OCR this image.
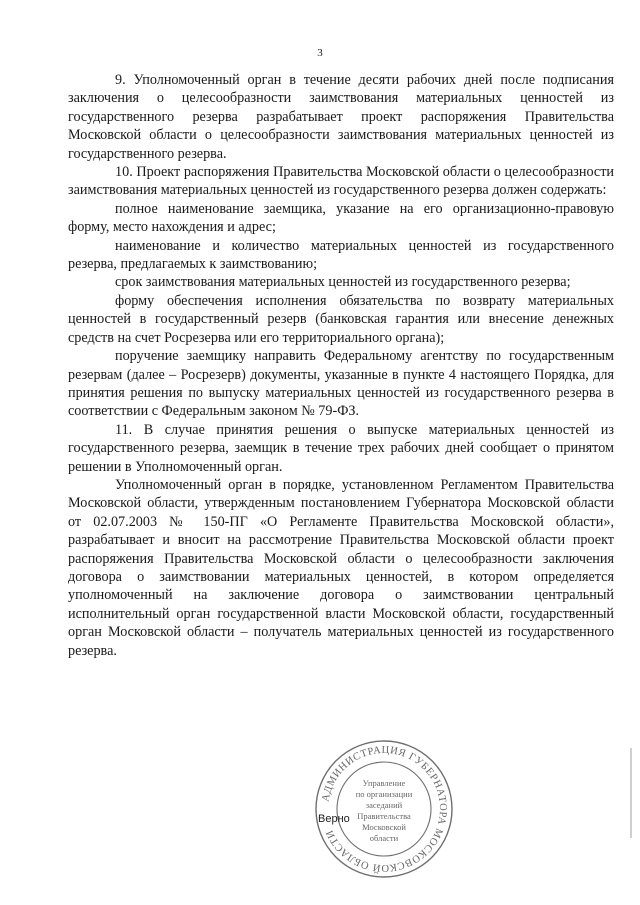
3

9. Уполномоченный орган в течение десяти рабочих дней после подписания заключения о целесообразности заимствования материальных ценностей из государственного резерва разрабатывает проект распоряжения Правительства Московской области о целесообразности заимствования материальных ценностей из государственного резерва.

10. Проект распоряжения Правительства Московской области о целесообразности заимствования материальных ценностей из государственного резерва должен содержать:

полное наименование заемщика, указание на его организационно-правовую форму, место нахождения и адрес;

наименование и количество материальных ценностей из государственного резерва, предлагаемых к заимствованию;

срок заимствования материальных ценностей из государственного резерва;

форму обеспечения исполнения обязательства по возврату материальных ценностей в государственный резерв (банковская гарантия или внесение денежных средств на счет Росрезерва или его территориального органа);

поручение заемщику направить Федеральному агентству по государственным резервам (далее – Росрезерв) документы, указанные в пункте 4 настоящего Порядка, для принятия решения по выпуску материальных ценностей из государственного резерва в соответствии с Федеральным законом № 79-ФЗ.

11. В случае принятия решения о выпуске материальных ценностей из государственного резерва, заемщик в течение трех рабочих дней сообщает о принятом решении в Уполномоченный орган.

Уполномоченный орган в порядке, установленном Регламентом Правительства Московской области, утвержденным постановлением Губернатора Московской области от 02.07.2003 № 150-ПГ «О Регламенте Правительства Московской области», разрабатывает и вносит на рассмотрение Правительства Московской области проект распоряжения Правительства Московской области о целесообразности заключения договора о заимствовании материальных ценностей, в котором определяется уполномоченный на заключение договора о заимствовании центральный исполнительный орган государственной власти Московской области, государственный орган Московской области – получатель материальных ценностей из государственного резерва.

АДМИНИСТРАЦИЯ ГУБЕРНАТОРА МОСКОВСКОЙ ОБЛАСТИ
Управление
по организации
заседаний
Правительства
Московской
области
Верно
